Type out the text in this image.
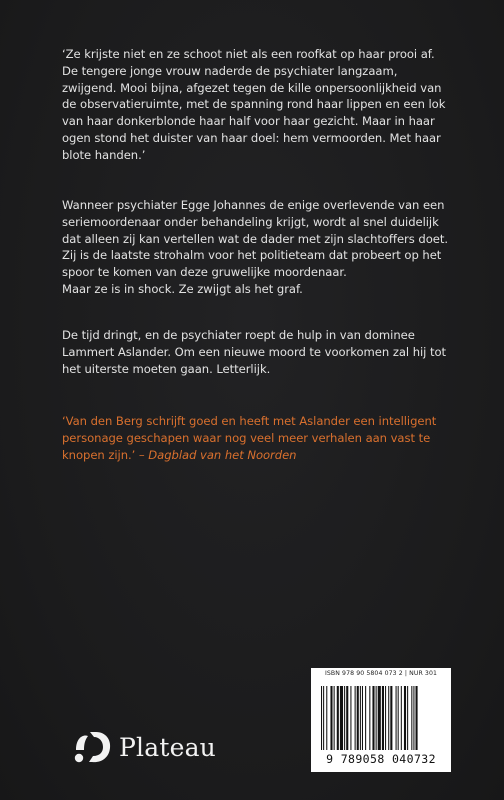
‘Ze krijste niet en ze schoot niet als een roofkat op haar prooi af. De tengere jonge vrouw naderde de psychiater langzaam, zwijgend. Mooi bijna, afgezet tegen de kille onpersoonlijkheid van de observatieruimte, met de spanning rond haar lippen en een lok van haar donkerblonde haar half voor haar gezicht. Maar in haar ogen stond het duister van haar doel: hem vermoorden. Met haar blote handen.’

Wanneer psychiater Egge Johannes de enige overlevende van een seriemoordenaar onder behandeling krijgt, wordt al snel duidelijk dat alleen zij kan vertellen wat de dader met zijn slachtoffers doet. Zij is de laatste strohalm voor het politieteam dat probeert op het spoor te komen van deze gruwelijke moordenaar.

Maar ze is in shock. Ze zwijgt als het graf.

De tijd dringt, en de psychiater roept de hulp in van dominee Lammert Aslander. Om een nieuwe moord te voorkomen zal hij tot het uiterste moeten gaan. Letterlijk.

‘Van den Berg schrijft goed en heeft met Aslander een intelligent personage geschapen waar nog veel meer verhalen aan vast te knopen zijn.’ – Dagblad van het Noorden

Plateau
ISBN 978 90 5804 073 2 | NUR 301
9 789058 040732
